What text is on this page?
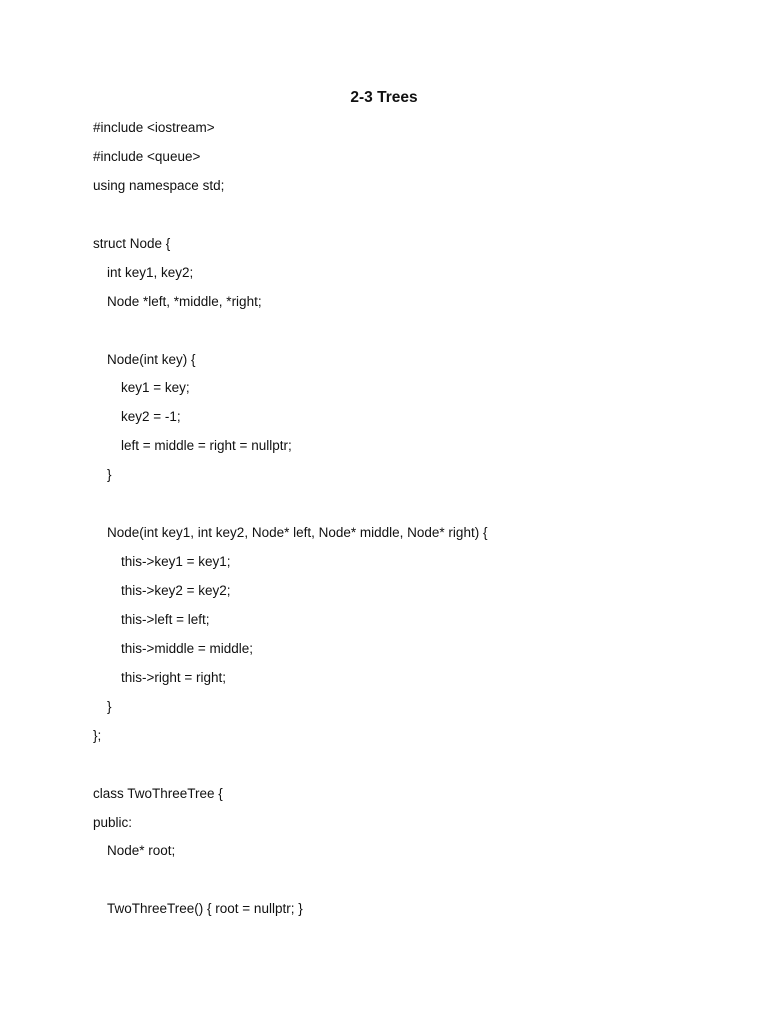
2-3 Trees
#include <iostream>
#include <queue>
using namespace std;
struct Node {
int key1, key2;
Node *left, *middle, *right;
Node(int key) {
key1 = key;
key2 = -1;
left = middle = right = nullptr;
}
Node(int key1, int key2, Node* left, Node* middle, Node* right) {
this->key1 = key1;
this->key2 = key2;
this->left = left;
this->middle = middle;
this->right = right;
}
};
class TwoThreeTree {
public:
Node* root;
TwoThreeTree() { root = nullptr; }
